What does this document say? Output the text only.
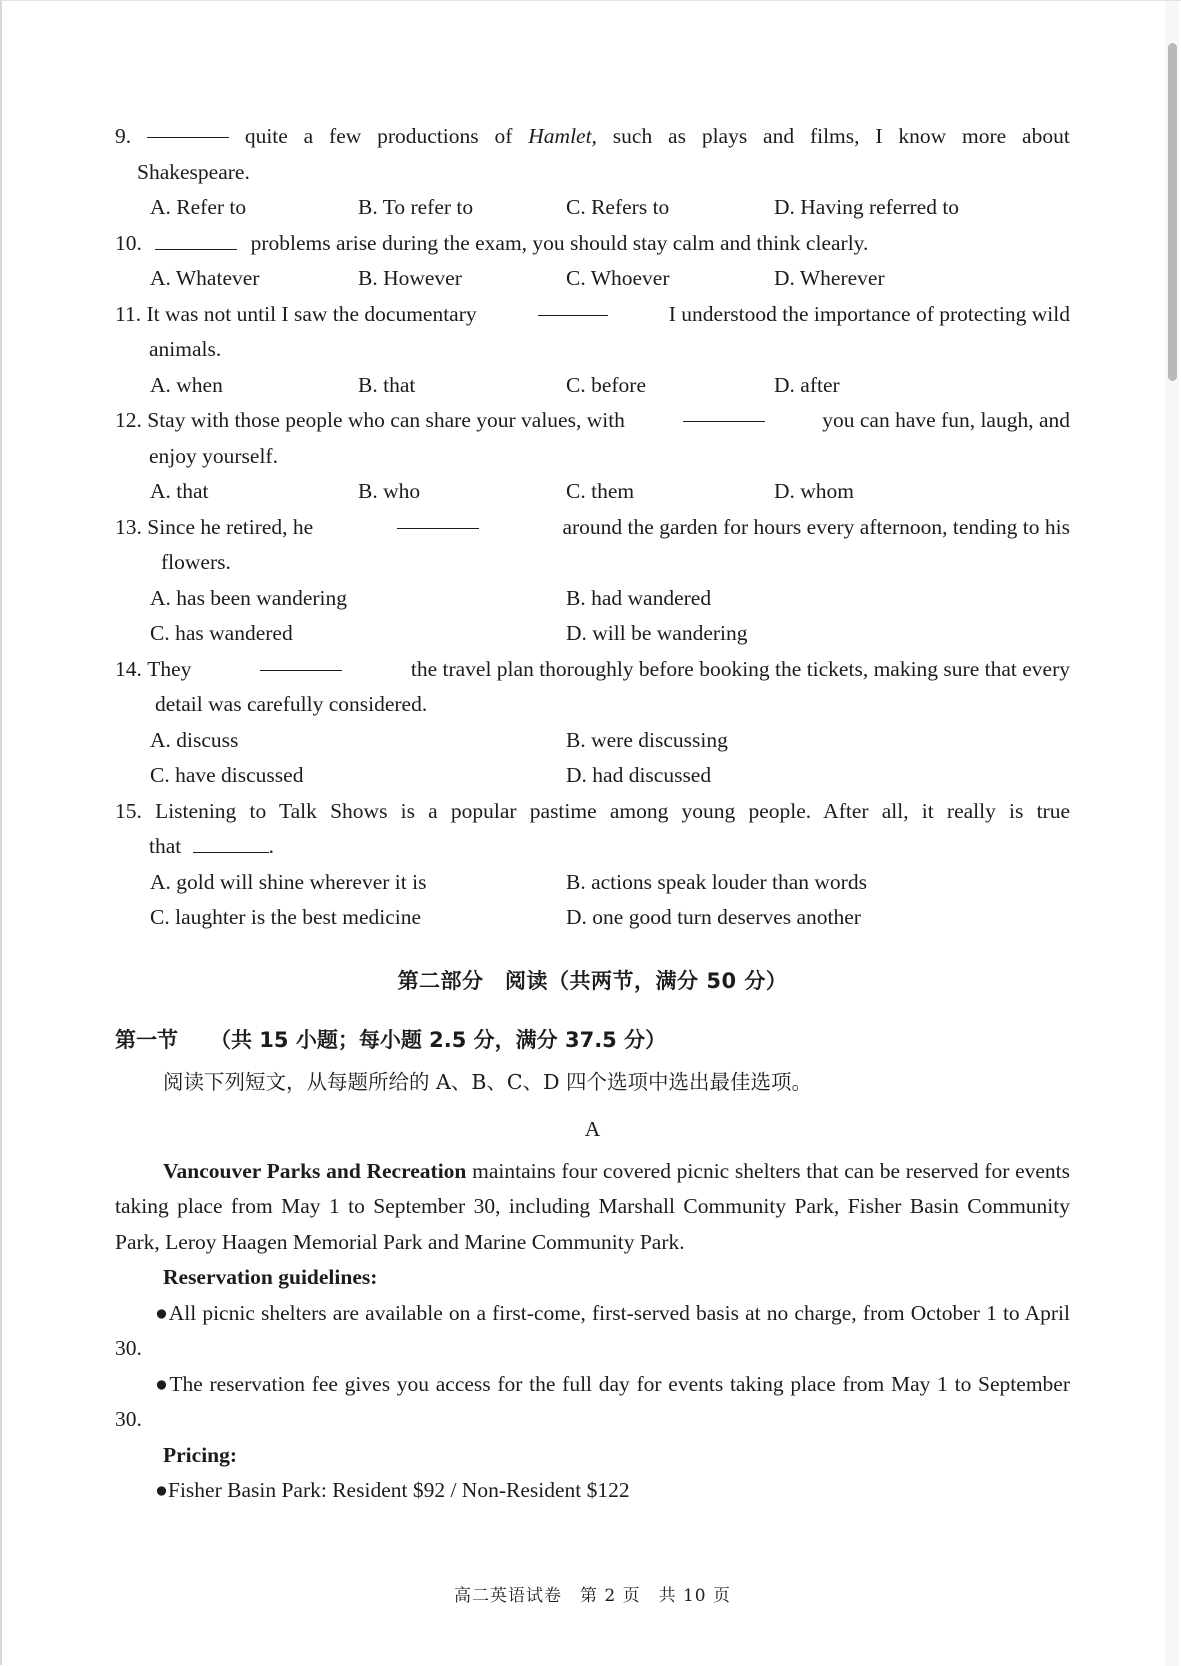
9.	quite a few productions of Hamlet, such as plays and films, I know more about
Shakespeare.
A. Refer to	B. To refer to	C. Refers to	D. Having referred to
10.	problems arise during the exam, you should stay calm and think clearly.
A. Whatever	B. However	C. Whoever	D. Wherever
11. It was not until I saw the documentary	I understood the importance of protecting wild
animals.
A. when	B. that	C. before	D. after
12. Stay with those people who can share your values, with	you can have fun, laugh, and
enjoy yourself.
A. that	B. who	C. them	D. whom
13. Since he retired, he	around the garden for hours every afternoon, tending to his
flowers.
A. has been wandering	B. had wandered
C. has wandered	D. will be wandering
14. They	the travel plan thoroughly before booking the tickets, making sure that every
detail was carefully considered.
A. discuss	B. were discussing
C. have discussed	D. had discussed
15. Listening to Talk Shows is a popular pastime among young people. After all, it really is true
that	.
A. gold will shine wherever it is	B. actions speak louder than words
C. laughter is the best medicine	D. one good turn deserves another
第二部分　阅读（共两节，满分 50 分）
第一节 （共 15 小题；每小题 2.5 分，满分 37.5 分）
阅读下列短文，从每题所给的 A、B、C、D 四个选项中选出最佳选项。
A
Vancouver Parks and Recreation maintains four covered picnic shelters that can be reserved for events taking place from May 1 to September 30, including Marshall Community Park, Fisher Basin Community Park, Leroy Haagen Memorial Park and Marine Community Park.
Reservation guidelines:
●All picnic shelters are available on a first-come, first-served basis at no charge, from October 1 to April 30.
●The reservation fee gives you access for the full day for events taking place from May 1 to September 30.
Pricing:
●Fisher Basin Park: Resident $92 / Non-Resident $122
高二英语试卷　第 2 页　共 10 页
